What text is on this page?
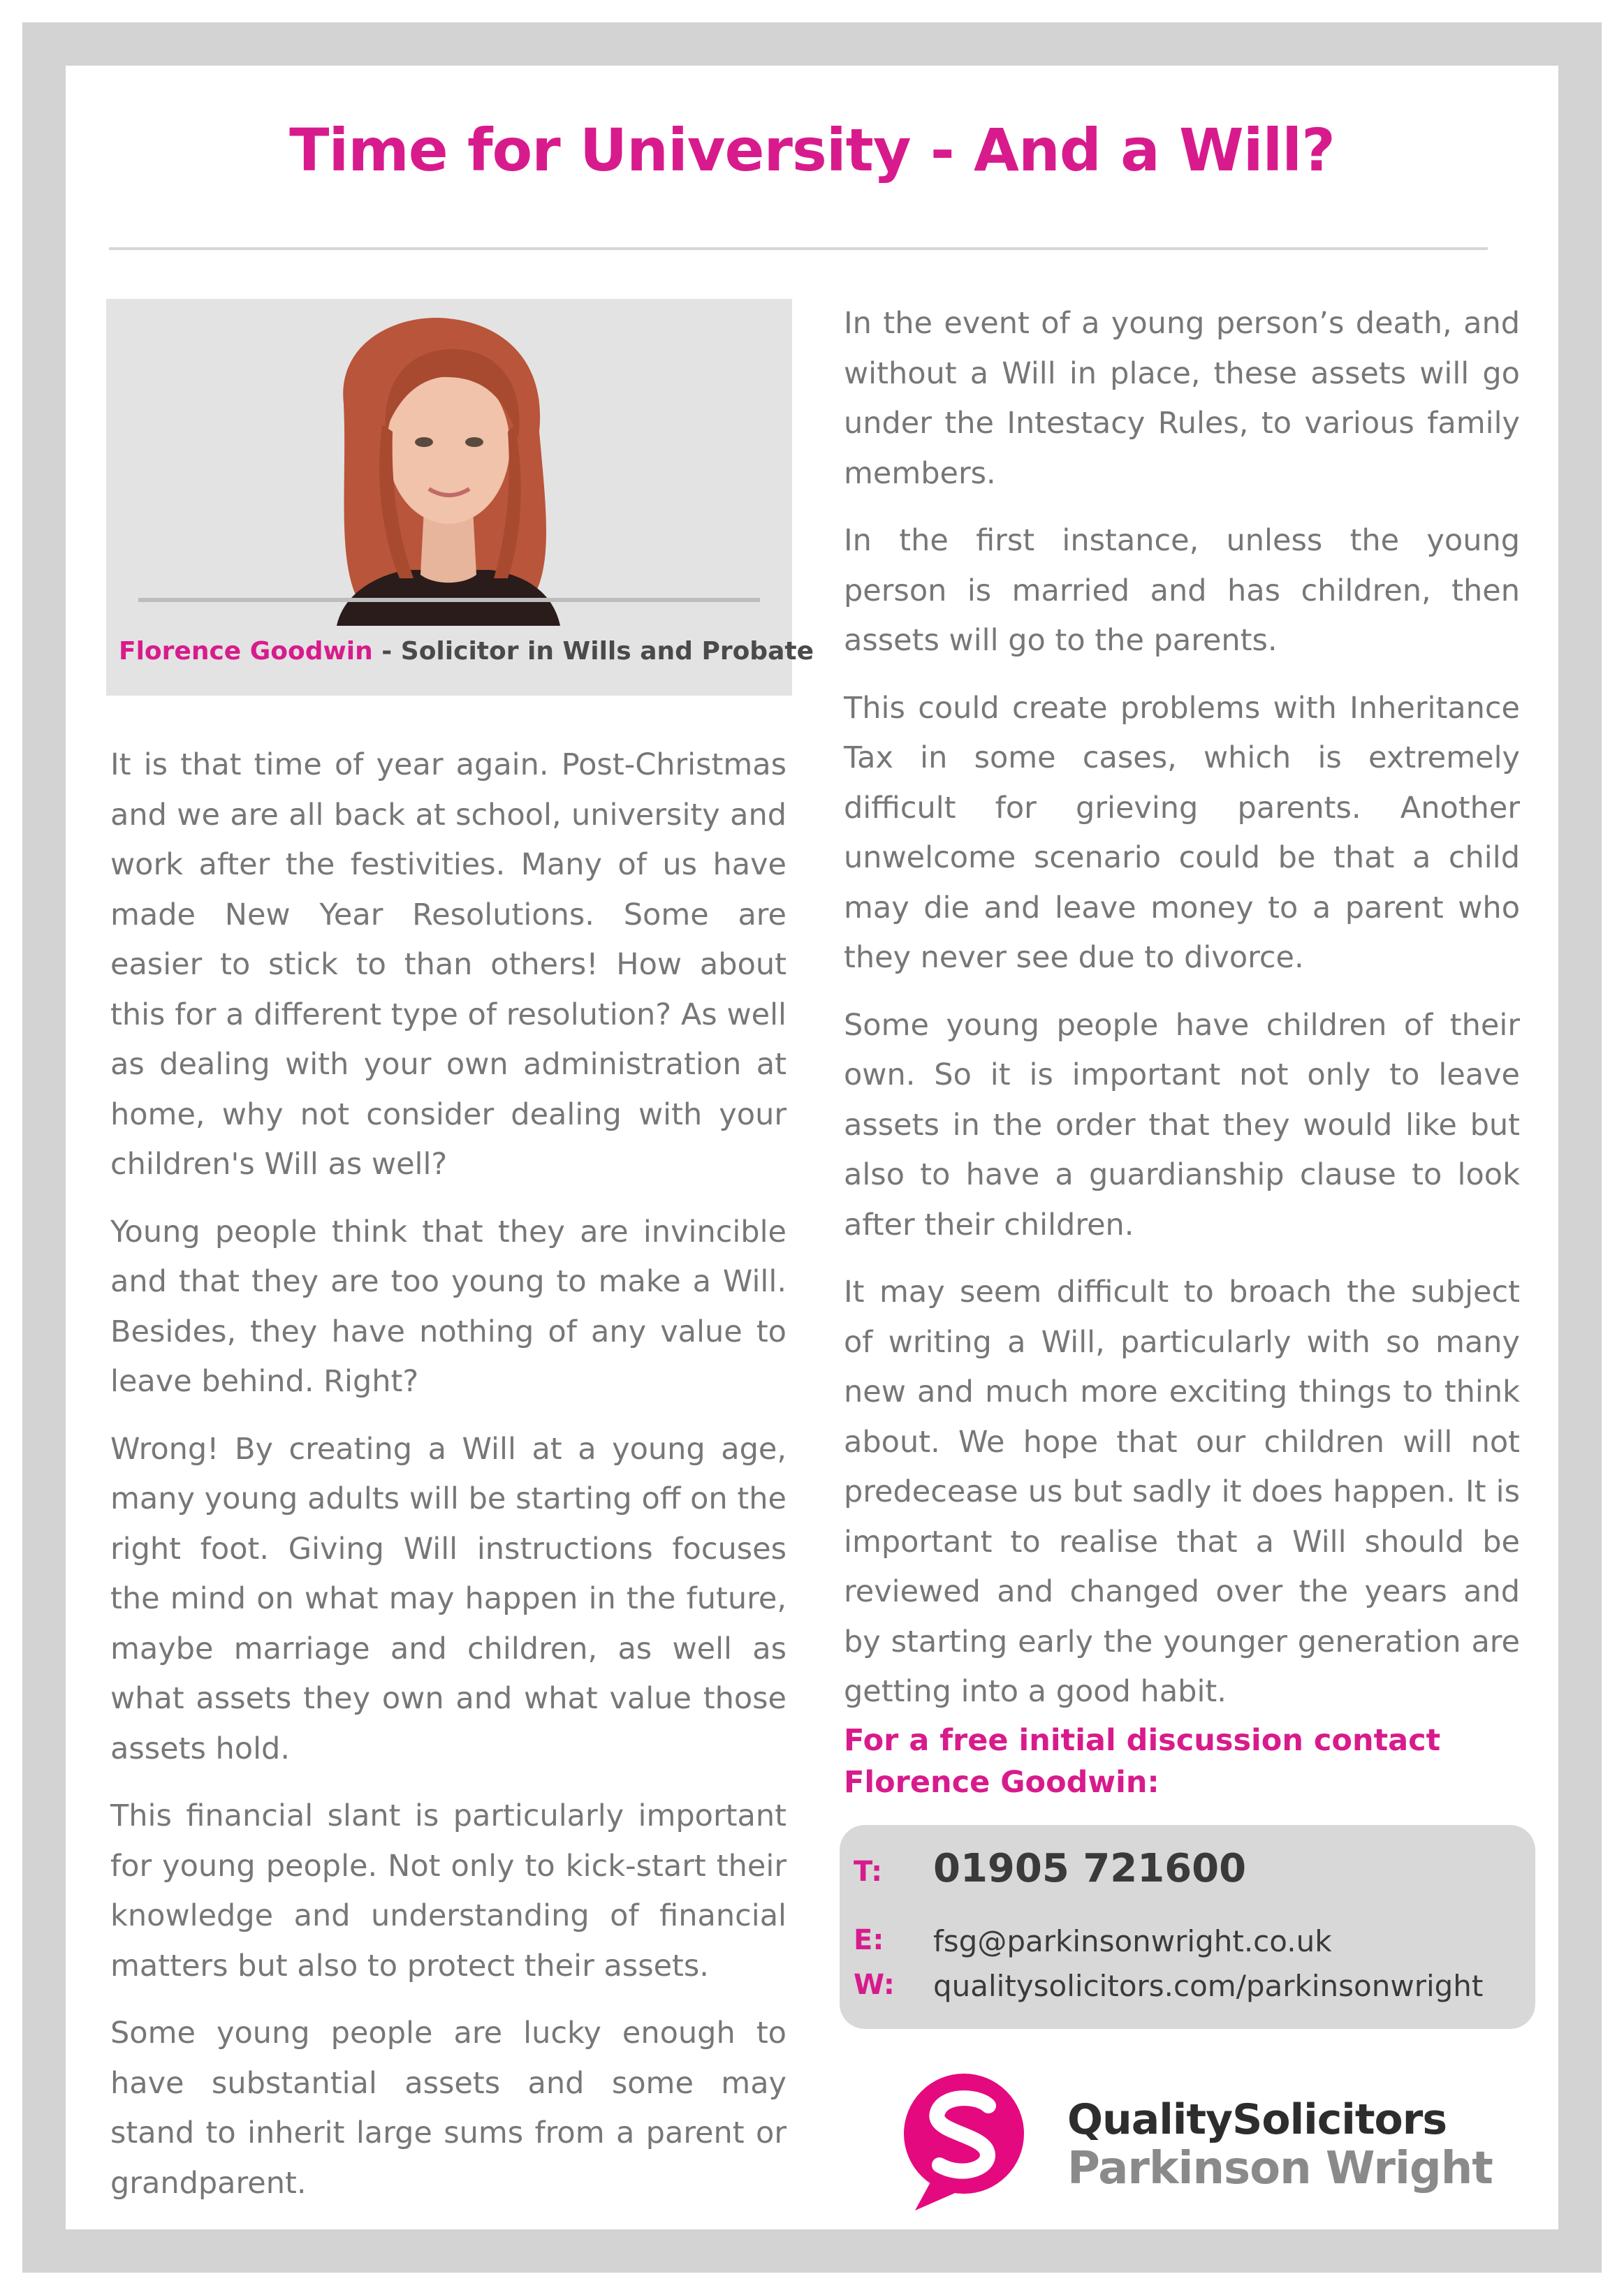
Time for University - And a Will?
Florence Goodwin - Solicitor in Wills and Probate

It is that time of year again. Post-Christmas and we are all back at school, university and work after the festivities. Many of us have made New Year Resolutions. Some are easier to stick to than others! How about this for a different type of resolution? As well as dealing with your own administration at home, why not consider dealing with your children's Will as well?

Young people think that they are invincible and that they are too young to make a Will. Besides, they have nothing of any value to leave behind. Right?

Wrong! By creating a Will at a young age, many young adults will be starting off on the right foot. Giving Will instructions focuses the mind on what may happen in the future, maybe marriage and children, as well as what assets they own and what value those assets hold.

This financial slant is particularly important for young people. Not only to kick-start their knowledge and understanding of financial matters but also to protect their assets.

Some young people are lucky enough to have substantial assets and some may stand to inherit large sums from a parent or grandparent.

In the event of a young person’s death, and without a Will in place, these assets will go under the Intestacy Rules, to various family members.

In the first instance, unless the young person is married and has children, then assets will go to the parents.

This could create problems with Inheritance Tax in some cases, which is extremely difficult for grieving parents. Another unwelcome scenario could be that a child may die and leave money to a parent who they never see due to divorce.

Some young people have children of their own. So it is important not only to leave assets in the order that they would like but also to have a guardianship clause to look after their children.

It may seem difficult to broach the subject of writing a Will, particularly with so many new and much more exciting things to think about. We hope that our children will not predecease us but sadly it does happen. It is important to realise that a Will should be reviewed and changed over the years and by starting early the younger generation are getting into a good habit.

For a free initial discussion contact
Florence Goodwin:
T: 01905 721600
E: fsg@parkinsonwright.co.uk
W: qualitysolicitors.com/parkinsonwright
QualitySolicitors
Parkinson Wright
